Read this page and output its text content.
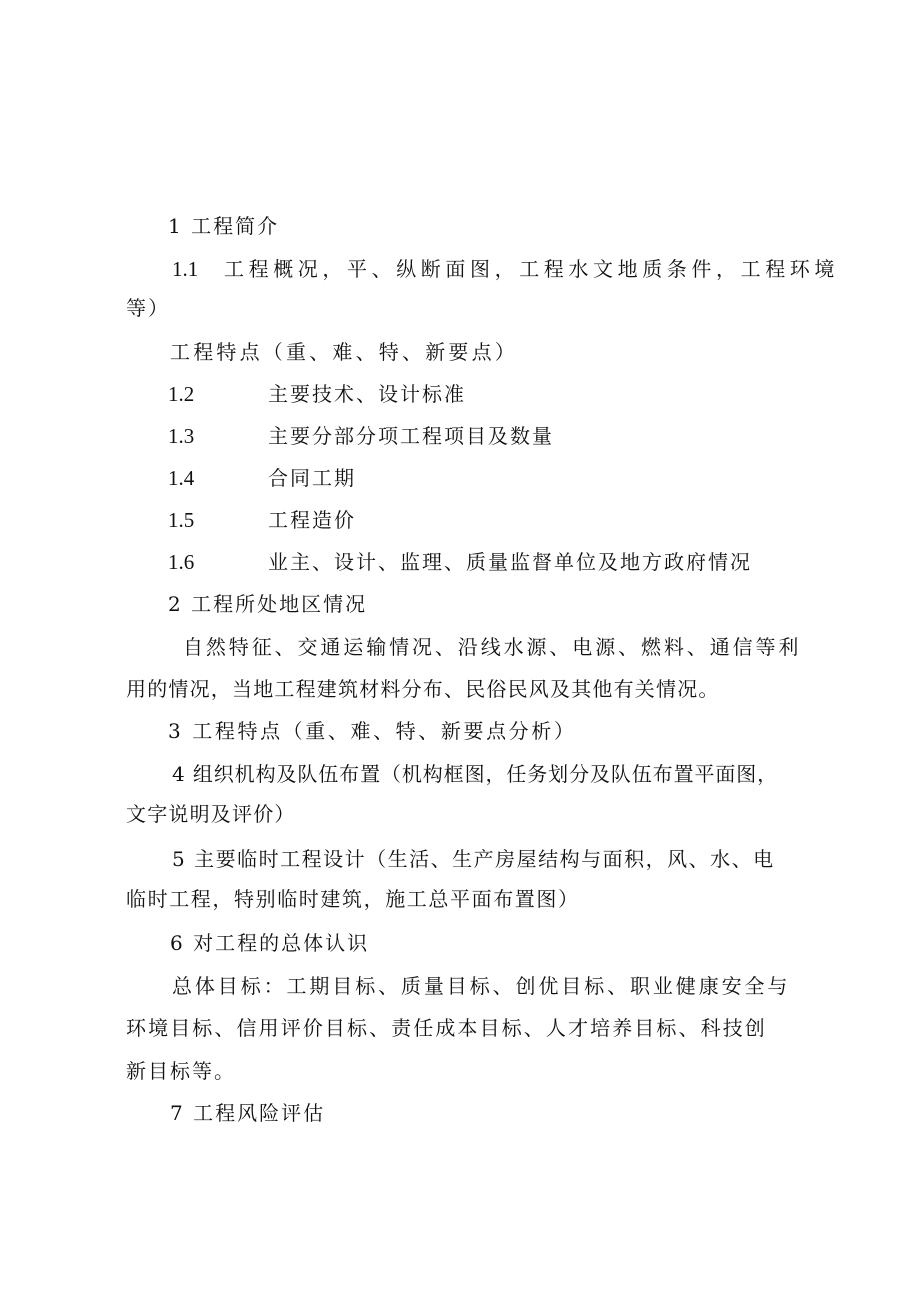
1 工程简介
1.1 工程概况，平、纵断面图，工程水文地质条件，工程环境
等）
工程特点（重、难、特、新要点）
1.2	主要技术、设计标准
1.3	主要分部分项工程项目及数量
1.4	合同工期
1.5	工程造价
1.6	业主、设计、监理、质量监督单位及地方政府情况
2 工程所处地区情况
自然特征、交通运输情况、沿线水源、电源、燃料、通信等利
用的情况，当地工程建筑材料分布、民俗民风及其他有关情况。
3 工程特点（重、难、特、新要点分析）
4 组织机构及队伍布置（机构框图，任务划分及队伍布置平面图，
文字说明及评价）
5 主要临时工程设计（生活、生产房屋结构与面积，风、水、电
临时工程，特别临时建筑，施工总平面布置图）
6 对工程的总体认识
总体目标：工期目标、质量目标、创优目标、职业健康安全与
环境目标、信用评价目标、责任成本目标、人才培养目标、科技创
新目标等。
7 工程风险评估
